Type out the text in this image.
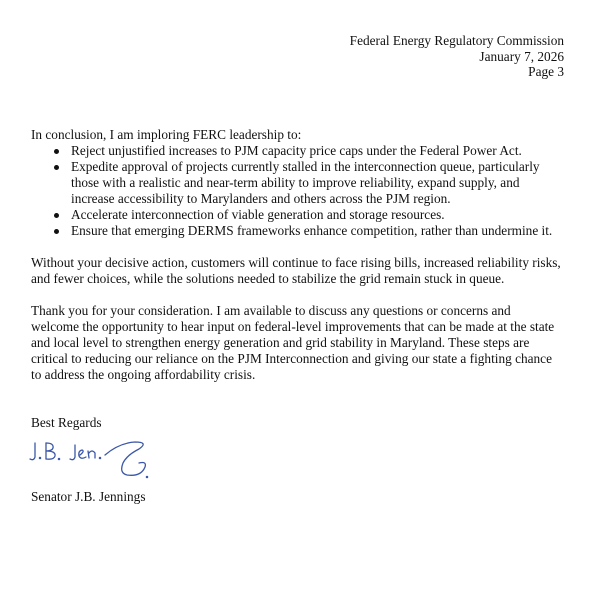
Federal Energy Regulatory Commission
January 7, 2026
Page 3

In conclusion, I am imploring FERC leadership to:

Reject unjustified increases to PJM capacity price caps under the Federal Power Act.
Expedite approval of projects currently stalled in the interconnection queue, particularly those with a realistic and near-term ability to improve reliability, expand supply, and increase accessibility to Marylanders and others across the PJM region.
Accelerate interconnection of viable generation and storage resources.
Ensure that emerging DERMS frameworks enhance competition, rather than undermine it.

Without your decisive action, customers will continue to face rising bills, increased reliability risks, and fewer choices, while the solutions needed to stabilize the grid remain stuck in queue.

Thank you for your consideration. I am available to discuss any questions or concerns and welcome the opportunity to hear input on federal-level improvements that can be made at the state and local level to strengthen energy generation and grid stability in Maryland. These steps are critical to reducing our reliance on the PJM Interconnection and giving our state a fighting chance to address the ongoing affordability crisis.

Best Regards
Senator J.B. Jennings
